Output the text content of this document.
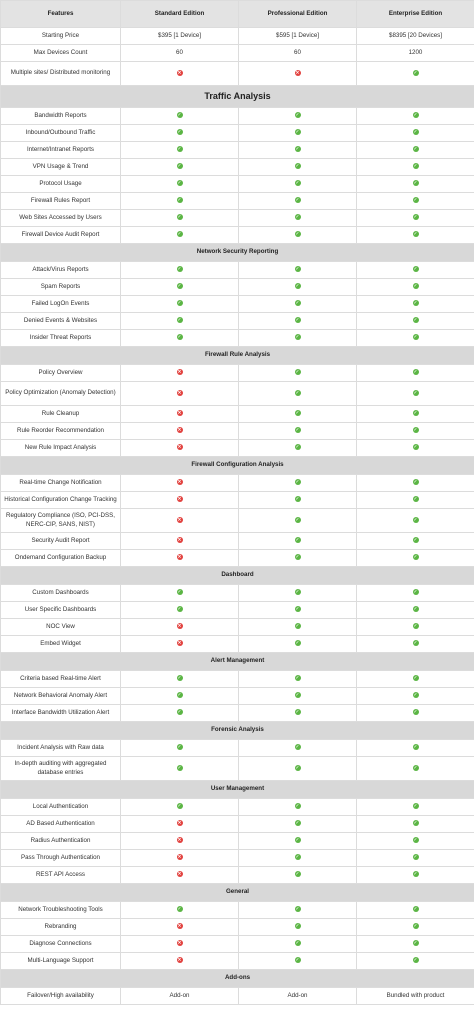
Features	Standard Edition	Professional Edition	Enterprise Edition
Starting Price	$395 [1 Device]	$595 [1 Device]	$8395 [20 Devices]
Max Devices Count	60	60	1200
Multiple sites/ Distributed monitoring	×	×	✓
Traffic Analysis			
Bandwidth Reports	✓	✓	✓
Inbound/Outbound Traffic	✓	✓	✓
Internet/Intranet Reports	✓	✓	✓
VPN Usage & Trend	✓	✓	✓
Protocol Usage	✓	✓	✓
Firewall Rules Report	✓	✓	✓
Web Sites Accessed by Users	✓	✓	✓
Firewall Device Audit Report	✓	✓	✓
Network Security Reporting			
Attack/Virus Reports	✓	✓	✓
Spam Reports	✓	✓	✓
Failed LogOn Events	✓	✓	✓
Denied Events & Websites	✓	✓	✓
Insider Threat Reports	✓	✓	✓
Firewall Rule Analysis			
Policy Overview	×	✓	✓
Policy Optimization (Anomaly Detection)	×	✓	✓
Rule Cleanup	×	✓	✓
Rule Reorder Recommendation	×	✓	✓
New Rule Impact Analysis	×	✓	✓
Firewall Configuration Analysis			
Real-time Change Notification	×	✓	✓
Historical Configuration Change Tracking	×	✓	✓
Regulatory Compliance (ISO, PCI-DSS, NERC-CIP, SANS, NIST)	×	✓	✓
Security Audit Report	×	✓	✓
Ondemand Configuration Backup	×	✓	✓
Dashboard			
Custom Dashboards	✓	✓	✓
User Specific Dashboards	✓	✓	✓
NOC View	×	✓	✓
Embed Widget	×	✓	✓
Alert Management			
Criteria based Real-time Alert	✓	✓	✓
Network Behavioral Anomaly Alert	✓	✓	✓
Interface Bandwidth Utilization Alert	✓	✓	✓
Forensic Analysis			
Incident Analysis with Raw data	✓	✓	✓
In-depth auditing with aggregated database entries	✓	✓	✓
User Management			
Local Authentication	✓	✓	✓
AD Based Authentication	×	✓	✓
Radius Authentication	×	✓	✓
Pass Through Authentication	×	✓	✓
REST API Access	×	✓	✓
General			
Network Troubleshooting Tools	✓	✓	✓
Rebranding	×	✓	✓
Diagnose Connections	×	✓	✓
Multi-Language Support	×	✓	✓
Add-ons			
Failover/High availability	Add-on	Add-on	Bundled with product
